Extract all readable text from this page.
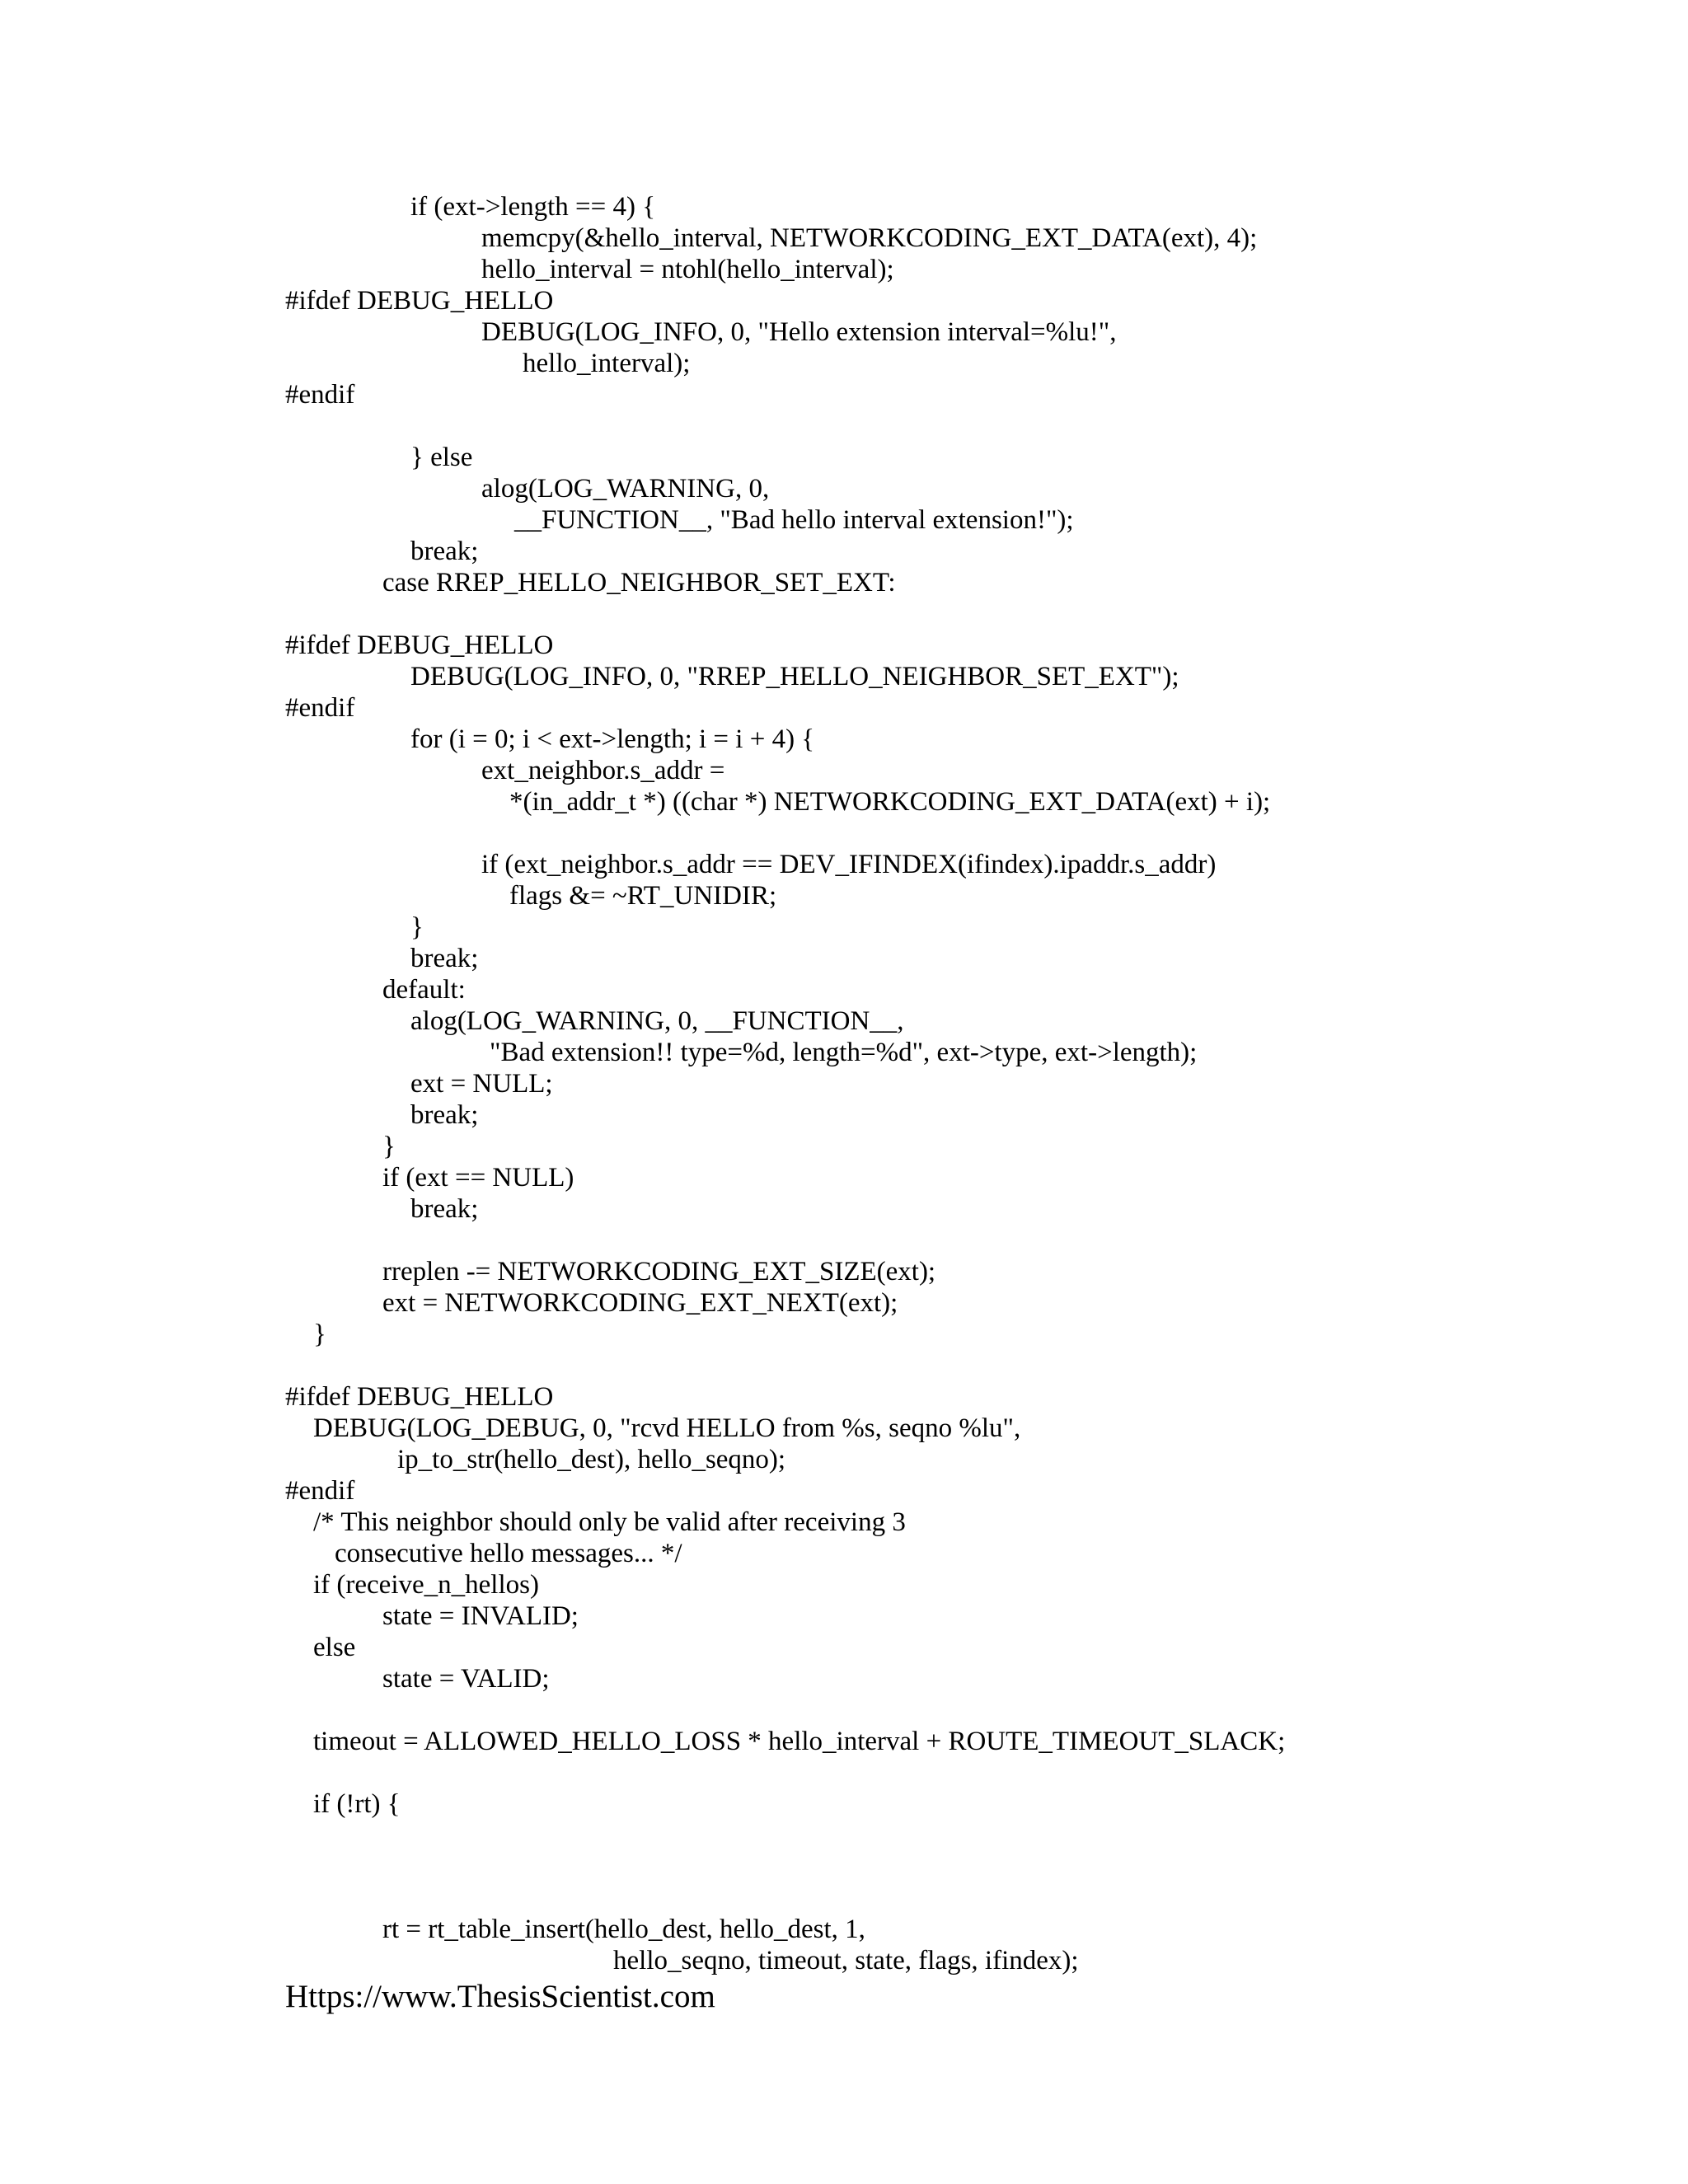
if (ext->length == 4) {
memcpy(&hello_interval, NETWORKCODING_EXT_DATA(ext), 4);
hello_interval = ntohl(hello_interval);
#ifdef DEBUG_HELLO
DEBUG(LOG_INFO, 0, "Hello extension interval=%lu!",
hello_interval);
#endif
} else
alog(LOG_WARNING, 0,
__FUNCTION__, "Bad hello interval extension!");
break;
case RREP_HELLO_NEIGHBOR_SET_EXT:
#ifdef DEBUG_HELLO
DEBUG(LOG_INFO, 0, "RREP_HELLO_NEIGHBOR_SET_EXT");
#endif
for (i = 0; i < ext->length; i = i + 4) {
ext_neighbor.s_addr =
*(in_addr_t *) ((char *) NETWORKCODING_EXT_DATA(ext) + i);
if (ext_neighbor.s_addr == DEV_IFINDEX(ifindex).ipaddr.s_addr)
flags &= ~RT_UNIDIR;
}
break;
default:
alog(LOG_WARNING, 0, __FUNCTION__,
"Bad extension!! type=%d, length=%d", ext->type, ext->length);
ext = NULL;
break;
}
if (ext == NULL)
break;
rreplen -= NETWORKCODING_EXT_SIZE(ext);
ext = NETWORKCODING_EXT_NEXT(ext);
}
#ifdef DEBUG_HELLO
DEBUG(LOG_DEBUG, 0, "rcvd HELLO from %s, seqno %lu",
ip_to_str(hello_dest), hello_seqno);
#endif
/* This neighbor should only be valid after receiving 3
consecutive hello messages... */
if (receive_n_hellos)
state = INVALID;
else
state = VALID;
timeout = ALLOWED_HELLO_LOSS * hello_interval + ROUTE_TIMEOUT_SLACK;
if (!rt) {
rt = rt_table_insert(hello_dest, hello_dest, 1,
hello_seqno, timeout, state, flags, ifindex);
Https://www.ThesisScientist.com
